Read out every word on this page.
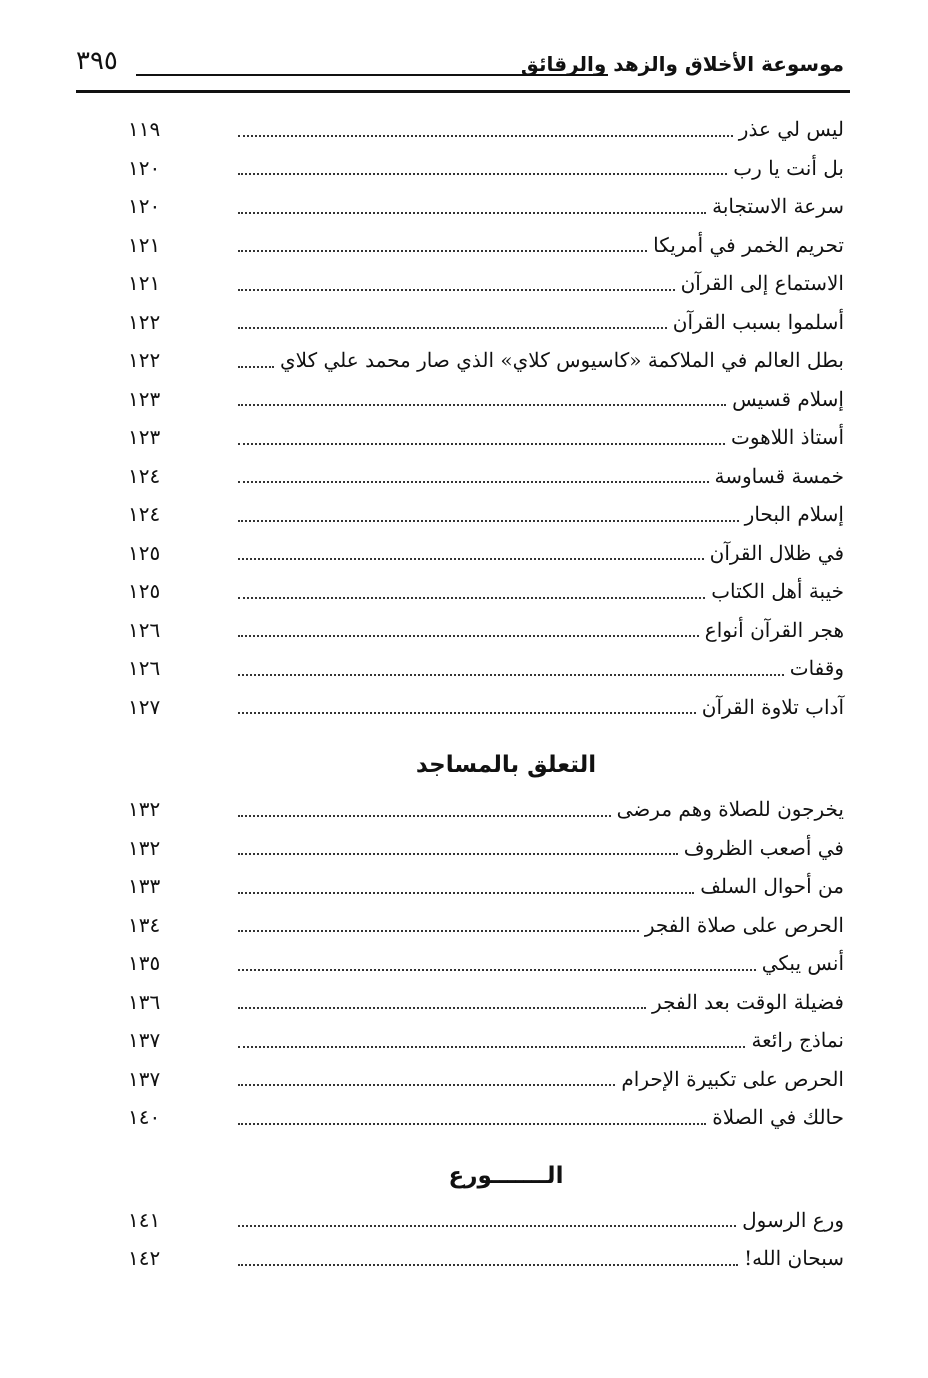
موسوعة الأخلاق والزهد والرقائق
٣٩٥
ليس لي عذر
١١٩
بل أنت يا رب
١٢٠
سرعة الاستجابة
١٢٠
تحريم الخمر في أمريكا
١٢١
الاستماع إلى القرآن
١٢١
أسلموا بسبب القرآن
١٢٢
بطل العالم في الملاكمة «كاسيوس كلاي» الذي صار محمد علي كلاي
١٢٢
إسلام قسيس
١٢٣
أستاذ اللاهوت
١٢٣
خمسة قساوسة
١٢٤
إسلام البحار
١٢٤
في ظلال القرآن
١٢٥
خيبة أهل الكتاب
١٢٥
هجر القرآن أنواع
١٢٦
وقفات
١٢٦
آداب تلاوة القرآن
١٢٧
التعلق بالمساجد
يخرجون للصلاة وهم مرضى
١٣٢
في أصعب الظروف
١٣٢
من أحوال السلف
١٣٣
الحرص على صلاة الفجر
١٣٤
أنس يبكي
١٣٥
فضيلة الوقت بعد الفجر
١٣٦
نماذج رائعة
١٣٧
الحرص على تكبيرة الإحرام
١٣٧
حالك في الصلاة
١٤٠
الـــــــورع
ورع الرسول
١٤١
سبحان الله!
١٤٢
